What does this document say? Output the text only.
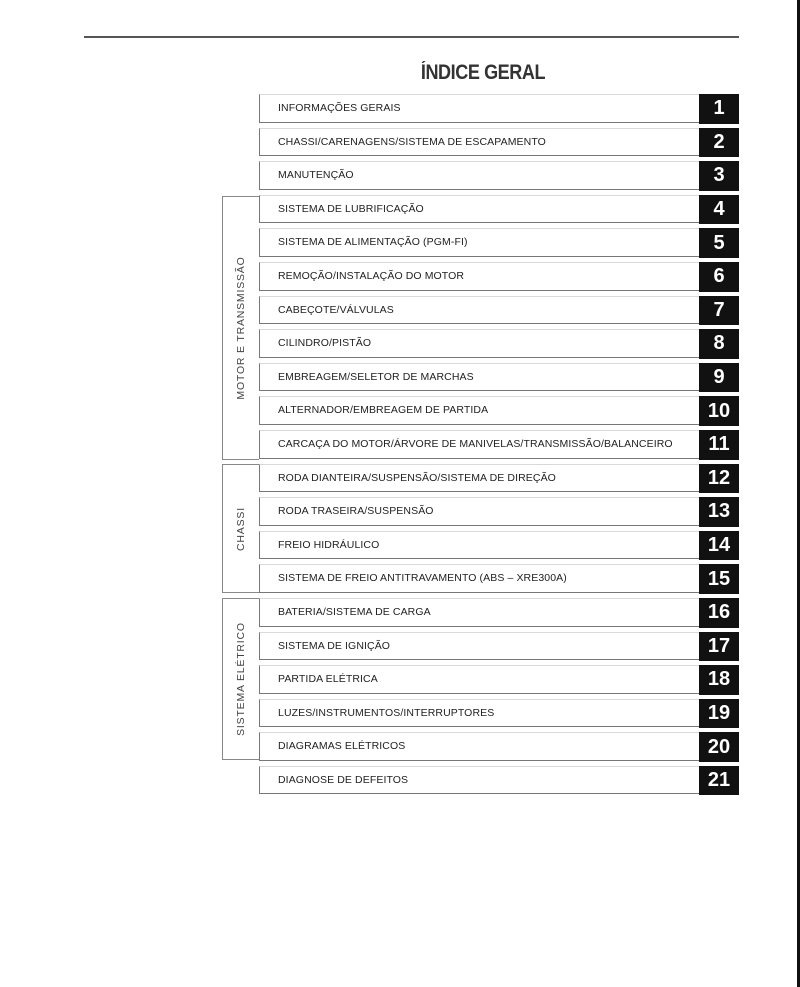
ÍNDICE GERAL
MOTOR E TRANSMISSÃO
CHASSI
SISTEMA ELÉTRICO
INFORMAÇÕES GERAIS	1
CHASSI/CARENAGENS/SISTEMA DE ESCAPAMENTO	2
MANUTENÇÃO	3
SISTEMA DE LUBRIFICAÇÃO	4
SISTEMA DE ALIMENTAÇÃO (PGM-FI)	5
REMOÇÃO/INSTALAÇÃO DO MOTOR	6
CABEÇOTE/VÁLVULAS	7
CILINDRO/PISTÃO	8
EMBREAGEM/SELETOR DE MARCHAS	9
ALTERNADOR/EMBREAGEM DE PARTIDA	10
CARCAÇA DO MOTOR/ÁRVORE DE MANIVELAS/TRANSMISSÃO/BALANCEIRO	11
RODA DIANTEIRA/SUSPENSÃO/SISTEMA DE DIREÇÃO	12
RODA TRASEIRA/SUSPENSÃO	13
FREIO HIDRÁULICO	14
SISTEMA DE FREIO ANTITRAVAMENTO (ABS – XRE300A)	15
BATERIA/SISTEMA DE CARGA	16
SISTEMA DE IGNIÇÃO	17
PARTIDA ELÉTRICA	18
LUZES/INSTRUMENTOS/INTERRUPTORES	19
DIAGRAMAS ELÉTRICOS	20
DIAGNOSE DE DEFEITOS	21
